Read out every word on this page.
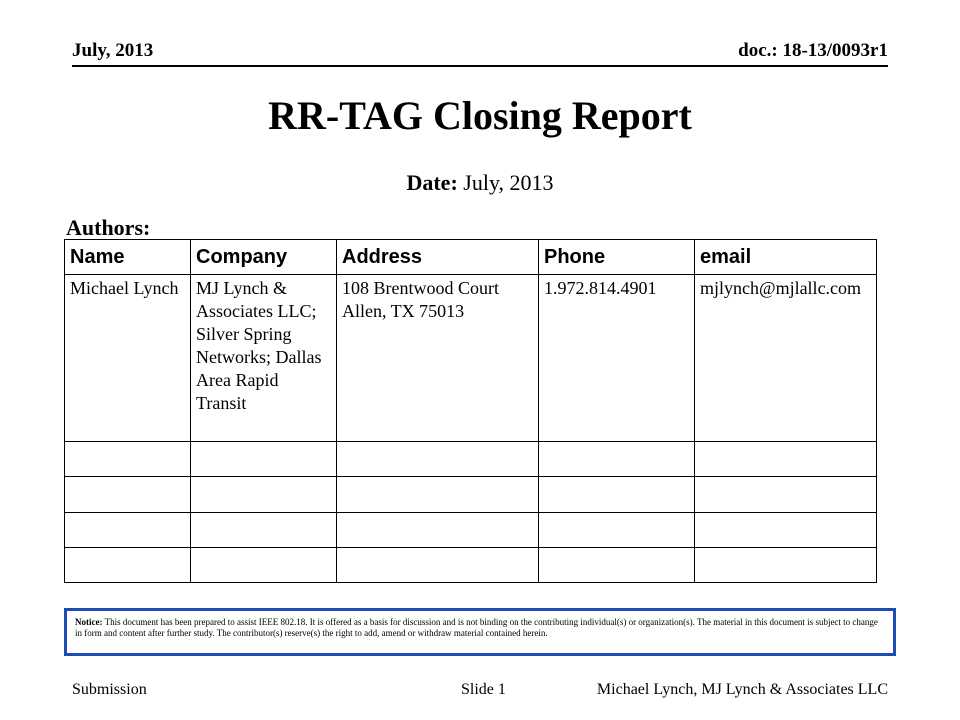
July, 2013	doc.: 18-13/0093r1
RR-TAG Closing Report
Date: July, 2013
Authors:
Name	Company	Address	Phone	email
Michael Lynch	MJ Lynch & Associates LLC; Silver Spring Networks; Dallas Area Rapid Transit	108 Brentwood Court Allen, TX 75013	1.972.814.4901	mjlynch@mjlallc.com

Notice: This document has been prepared to assist IEEE 802.18. It is offered as a basis for discussion and is not binding on the contributing individual(s) or organization(s). The material in this document is subject to change in form and content after further study. The contributor(s) reserve(s) the right to add, amend or withdraw material contained herein.
Submission	Slide 1	Michael Lynch, MJ Lynch & Associates LLC
